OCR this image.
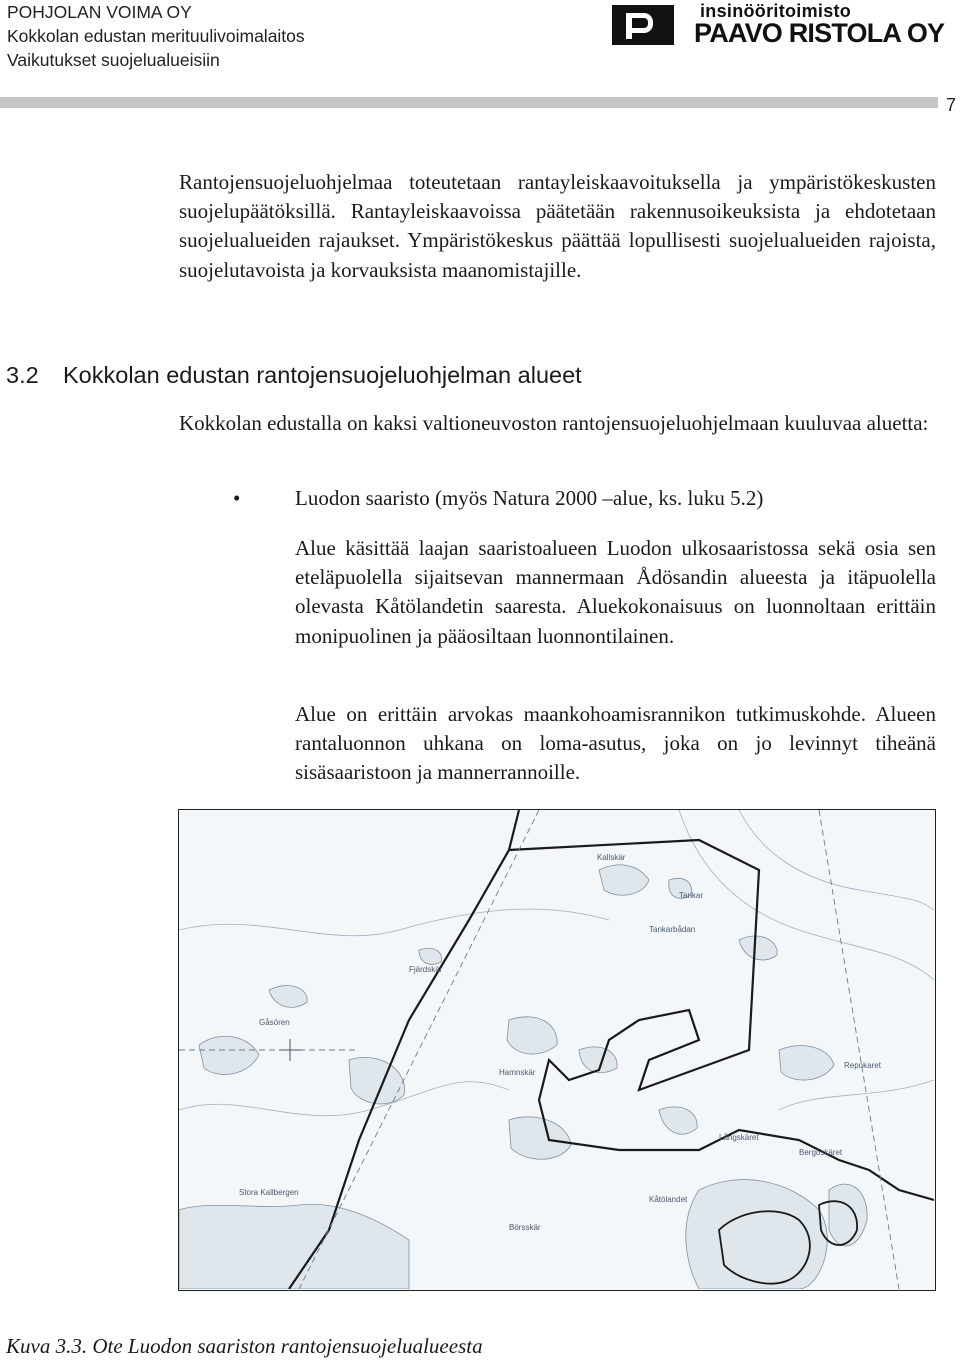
POHJOLAN VOIMA OY
Kokkolan edustan merituulivoimalaitos
Vaikutukset suojelualueisiin
insinööritoimisto
PAAVO RISTOLA OY
7
Rantojensuojeluohjelmaa toteutetaan rantayleiskaavoituksella ja ympäristökeskusten suojelupäätöksillä. Rantayleiskaavoissa päätetään rakennusoikeuksista ja ehdotetaan suojelualueiden rajaukset. Ympäristökeskus päättää lopullisesti suojelualueiden rajoista, suojelutavoista ja korvauksista maanomistajille.
3.2 Kokkolan edustan rantojensuojeluohjelman alueet
Kokkolan edustalla on kaksi valtioneuvoston rantojensuojeluohjelmaan kuuluvaa aluetta:
•	Luodon saaristo (myös Natura 2000 –alue, ks. luku 5.2)
Alue käsittää laajan saaristoalueen Luodon ulkosaaristossa sekä osia sen eteläpuolella sijaitsevan mannermaan Ådösandin alueesta ja itäpuolella olevasta Kåtölandetin saaresta. Aluekokonaisuus on luonnoltaan erittäin monipuolinen ja pääosiltaan luonnontilainen.
Alue on erittäin arvokas maankohoamisrannikon tutkimuskohde. Alueen rantaluonnon uhkana on loma-asutus, joka on jo levinnyt tiheänä sisäsaaristoon ja mannerrannoille.
Tankar
Kallskär
Fjärdskär
Tankarbådan
Gåsören
Hamnskär
Repokaret
Kåtölandet
Stora Kallbergen
Börsskär
Långskäret
Bergöskäret
Kuva 3.3. Ote Luodon saariston rantojensuojelualueesta
